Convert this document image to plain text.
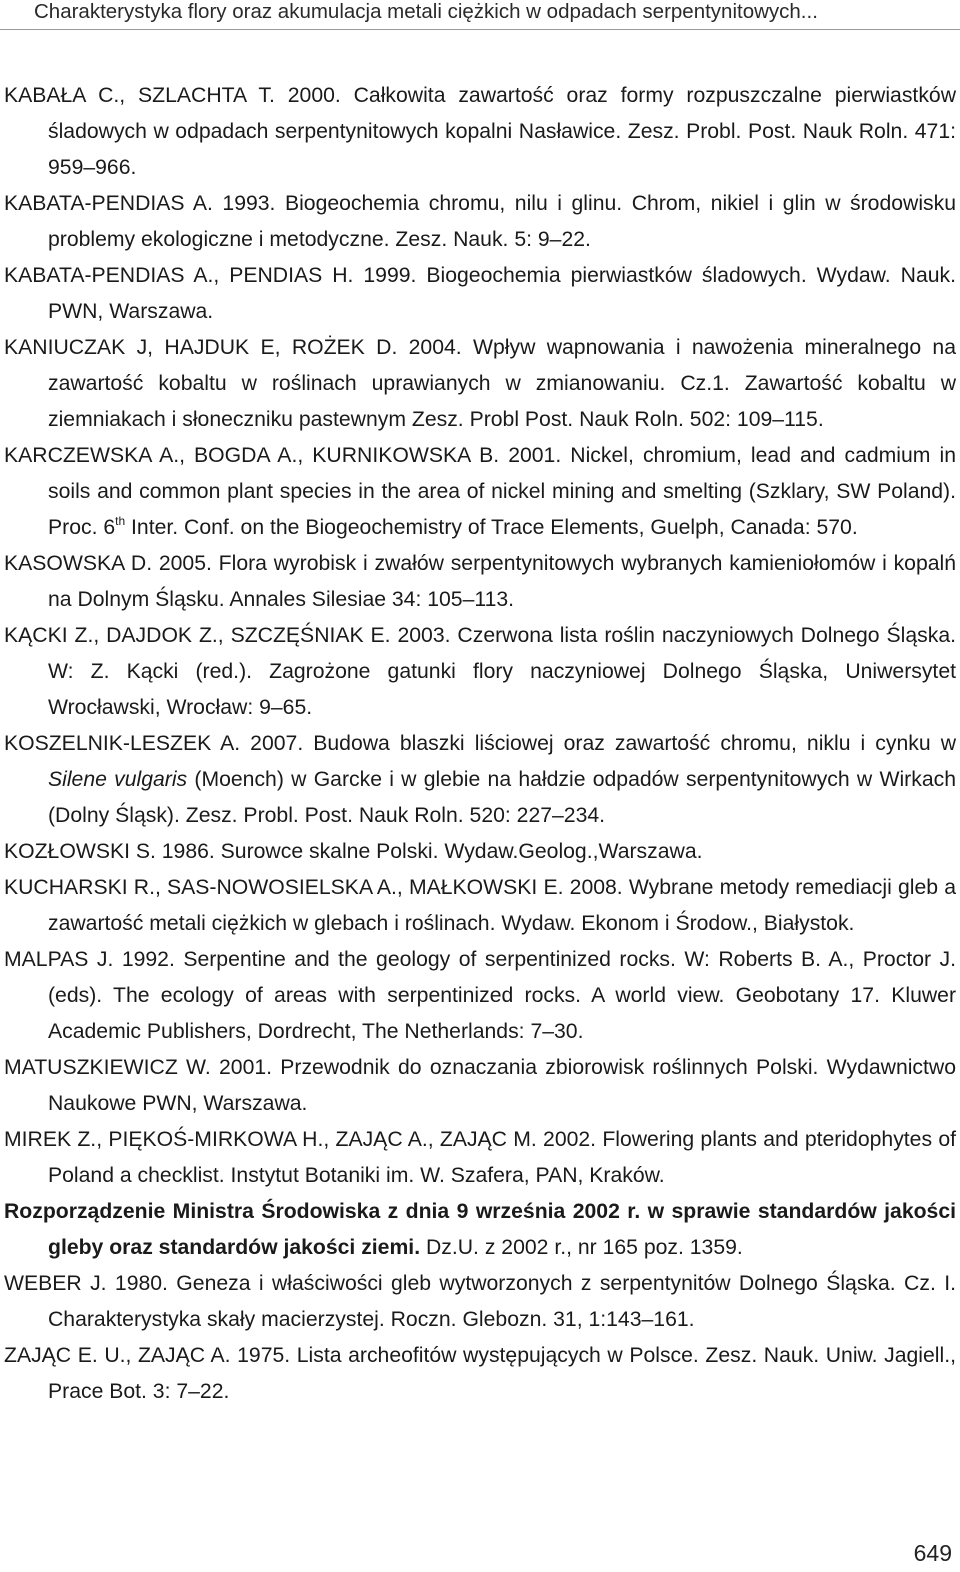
Charakterystyka flory oraz akumulacja metali ciężkich w odpadach serpentynitowych...

KABAŁA C., SZLACHTA T. 2000. Całkowita zawartość oraz formy rozpuszczalne pierwiastków śladowych w odpadach serpentynitowych kopalni Nasławice. Zesz. Probl. Post. Nauk Roln. 471: 959–966.

KABATA-PENDIAS A. 1993. Biogeochemia chromu, nilu i glinu. Chrom, nikiel i glin w środowisku problemy ekologiczne i metodyczne. Zesz. Nauk. 5: 9–22.

KABATA-PENDIAS A., PENDIAS H. 1999. Biogeochemia pierwiastków śladowych. Wydaw. Nauk. PWN, Warszawa.

KANIUCZAK J, HAJDUK E, ROŻEK D. 2004. Wpływ wapnowania i nawożenia mineralnego na zawartość kobaltu w roślinach uprawianych w zmianowaniu. Cz.1. Zawartość kobaltu w ziemniakach i słoneczniku pastewnym Zesz. Probl Post. Nauk Roln. 502: 109–115.

KARCZEWSKA A., BOGDA A., KURNIKOWSKA B. 2001. Nickel, chromium, lead and cadmium in soils and common plant species in the area of nickel mining and smelting (Szklary, SW Poland). Proc. 6th Inter. Conf. on the Biogeochemistry of Trace Elements, Guelph, Canada: 570.

KASOWSKA D. 2005. Flora wyrobisk i zwałów serpentynitowych wybranych kamieniołomów i kopalń na Dolnym Śląsku. Annales Silesiae 34: 105–113.

KĄCKI Z., DAJDOK Z., SZCZĘŚNIAK E. 2003. Czerwona lista roślin naczyniowych Dolnego Śląska. W: Z. Kącki (red.). Zagrożone gatunki flory naczyniowej Dolnego Śląska, Uniwersytet Wrocławski, Wrocław: 9–65.

KOSZELNIK-LESZEK A. 2007. Budowa blaszki liściowej oraz zawartość chromu, niklu i cynku w Silene vulgaris (Moench) w Garcke i w glebie na hałdzie odpadów serpentynitowych w Wirkach (Dolny Śląsk). Zesz. Probl. Post. Nauk Roln. 520: 227–234.

KOZŁOWSKI S. 1986. Surowce skalne Polski. Wydaw.Geolog.,Warszawa.

KUCHARSKI R., SAS-NOWOSIELSKA A., MAŁKOWSKI E. 2008. Wybrane metody remediacji gleb a zawartość metali ciężkich w glebach i roślinach. Wydaw. Ekonom i Środow., Białystok.

MALPAS J. 1992. Serpentine and the geology of serpentinized rocks. W: Roberts B. A., Proctor J. (eds). The ecology of areas with serpentinized rocks. A world view. Geobotany 17. Kluwer Academic Publishers, Dordrecht, The Netherlands: 7–30.

MATUSZKIEWICZ W. 2001. Przewodnik do oznaczania zbiorowisk roślinnych Polski. Wydawnictwo Naukowe PWN, Warszawa.

MIREK Z., PIĘKOŚ-MIRKOWA H., ZAJĄC A., ZAJĄC M. 2002. Flowering plants and pteridophytes of Poland a checklist. Instytut Botaniki im. W. Szafera, PAN, Kraków.

Rozporządzenie Ministra Środowiska z dnia 9 września 2002 r. w sprawie standardów jakości gleby oraz standardów jakości ziemi. Dz.U. z 2002 r., nr 165 poz. 1359.

WEBER J. 1980. Geneza i właściwości gleb wytworzonych z serpentynitów Dolnego Śląska. Cz. I. Charakterystyka skały macierzystej. Roczn. Glebozn. 31, 1:143–161.

ZAJĄC E. U., ZAJĄC A. 1975. Lista archeofitów występujących w Polsce. Zesz. Nauk. Uniw. Jagiell., Prace Bot. 3: 7–22.

649
